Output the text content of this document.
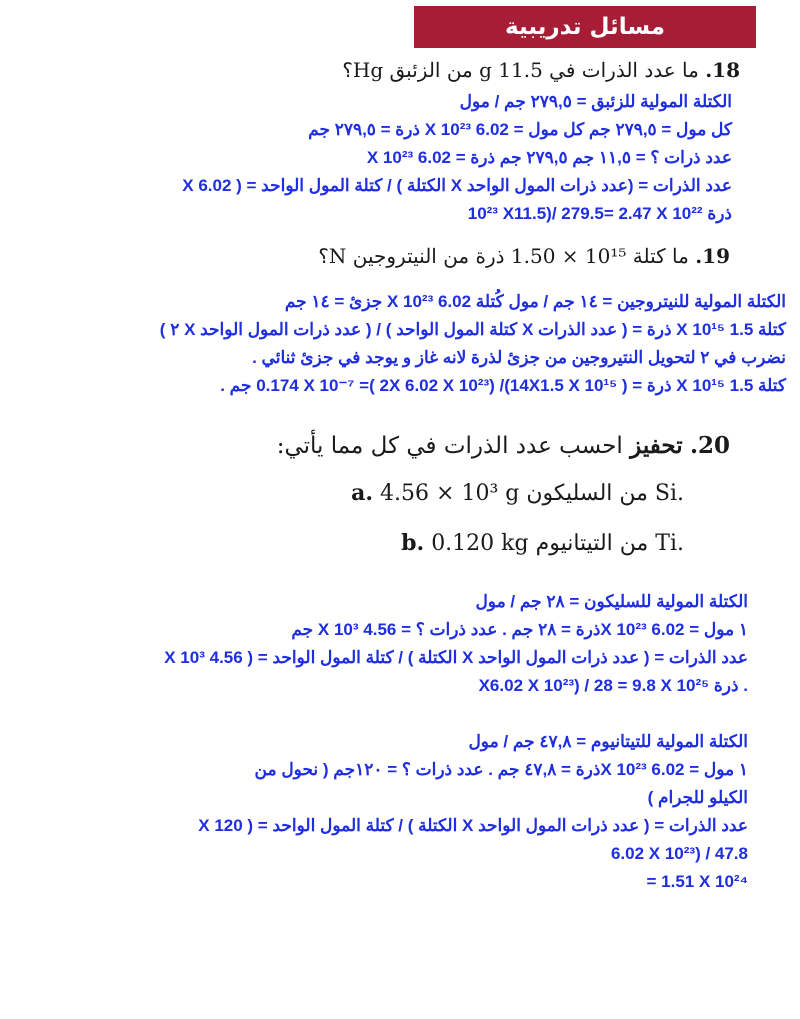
مسائل تدريبية
18. ما عدد الذرات في 11.5 g من الزئبق Hg؟

الكتلة المولية للزئبق = ٢٧٩,٥ جم / مول

كل مول = ٢٧٩,٥ جم كل مول = 6.02 X 10²³ ذرة = ٢٧٩,٥ جم

عدد ذرات ؟ = ١١,٥ جم ٢٧٩,٥ جم ذرة = 6.02 X 10²³

عدد الذرات = (عدد ذرات المول الواحد X الكتلة ) / كتلة المول الواحد = ( 6.02 X

10²³ X11.5)/ 279.5= 2.47 X 10²² ذرة

19. ما كتلة 10¹⁵ × 1.50 ذرة من النيتروجين N؟

الكتلة المولية للنيتروجين = ١٤ جم / مول كُتلة 6.02 X 10²³ جزئ = ١٤ جم

كتلة 1.5 X 10¹⁵ ذرة = ( عدد الذرات X كتلة المول الواحد ) / ( عدد ذرات المول الواحد X ٢ )

نضرب في ٢ لتحويل النتيروجين من جزئ لذرة لانه غاز و يوجد في جزئ ثنائي .

كتلة 1.5 X 10¹⁵ ذرة = ( 14X1.5 X 10¹⁵)/ (2X 6.02 X 10²³ )= 0.174 X 10⁻⁷ جم .

20. تحفيز احسب عدد الذرات في كل مما يأتي:
a. 4.56 × 10³ g من السليكون Si.
b. 0.120 kg من التيتانيوم Ti.

الكتلة المولية للسليكون = ٢٨ جم / مول

١ مول = 6.02 X 10²³ذرة = ٢٨ جم . عدد ذرات ؟ = 4.56 X 10³ جم

عدد الذرات = ( عدد ذرات المول الواحد X الكتلة ) / كتلة المول الواحد = ( 4.56 X 10³

X6.02 X 10²³) / 28 = 9.8 X 10²⁵ ذرة .

الكتلة المولية للتيتانيوم = ٤٧,٨ جم / مول

١ مول = 6.02 X 10²³ذرة = ٤٧,٨ جم . عدد ذرات ؟ = ١٢٠جم ( نحول من

الكيلو للجرام )

عدد الذرات = ( عدد ذرات المول الواحد X الكتلة ) / كتلة المول الواحد = ( 120 X

6.02 X 10²³) / 47.8

= 1.51 X 10²⁴
